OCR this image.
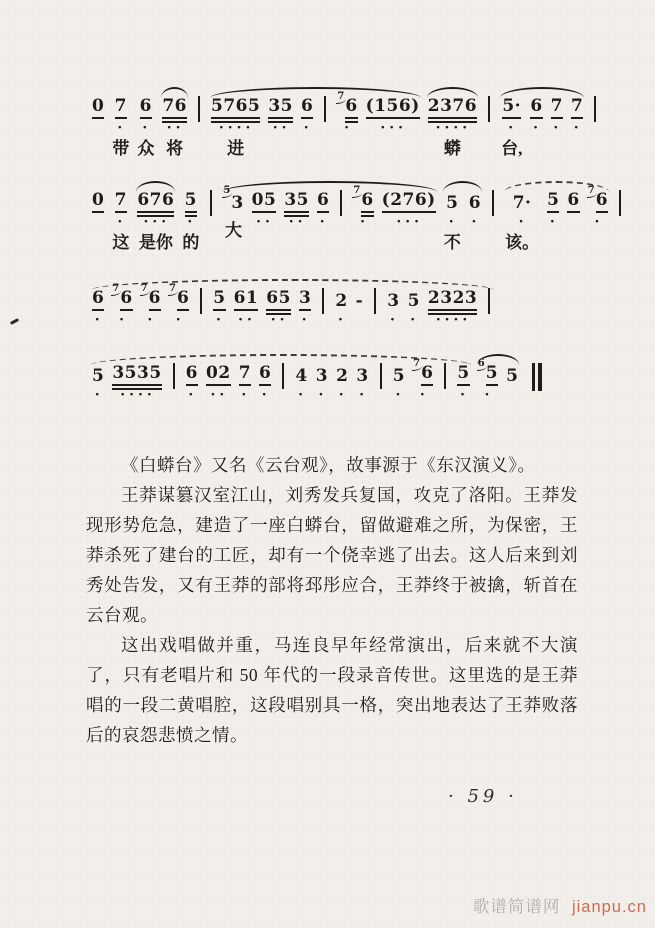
0 7
·
带
6
·
众
76
··
将
5765
····
进
35
··
6
·
7 6
·
(156)
···
2376
····
蟒
5·
·
台,
6
·
7
·
7
·
0 7
·
这
676
···
是你
5
·
的
5
3
大
05
··
35
··
6
·
7 6
·
(276)
···
5
·
不
6
·
7·
·
该。
5
·
6 7 6
·
6
·
7 6
·
7 6
·
7 6
·
5
·
61
··
65
··
3
·
2
·
- 3
·
5
·
2323
····
5
·
3535
····
6
·
02
··
7
·
6
·
4
·
3
·
2
·
3
·
5
·
7 6
·
5
·
6 5
·
5

《白蟒台》又名《云台观》，故事源于《东汉演义》。

王莽谋篡汉室江山，刘秀发兵复国，攻克了洛阳。王莽发现形势危急，建造了一座白蟒台，留做避难之所，为保密，王莽杀死了建台的工匠，却有一个侥幸逃了出去。这人后来到刘秀处告发，又有王莽的部将邳彤应合，王莽终于被擒，斩首在云台观。

这出戏唱做并重，马连良早年经常演出，后来就不大演了，只有老唱片和 50 年代的一段录音传世。这里选的是王莽唱的一段二黄唱腔，这段唱别具一格，突出地表达了王莽败落后的哀怨悲愤之情。

· 59 ·
歌谱简谱网 jianpu.cn
